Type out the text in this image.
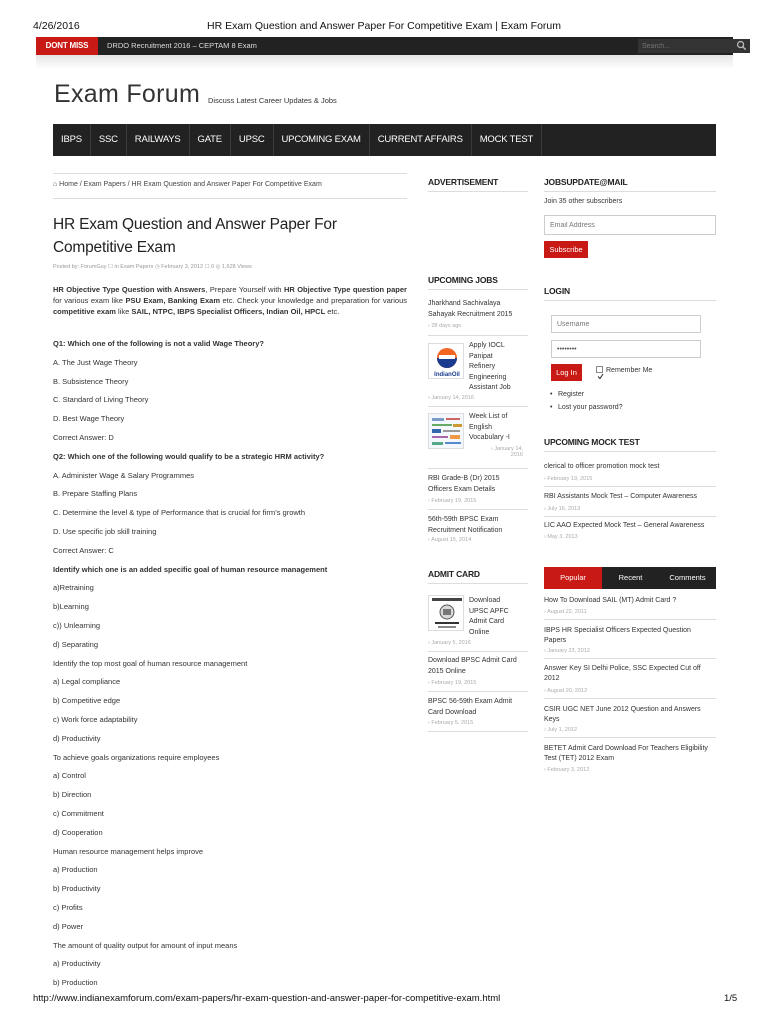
4/26/2016	HR Exam Question and Answer Paper For Competitive Exam | Exam Forum
DONT MISS	DRDO Recruitment 2016 – CEPTAM 8 Exam
Search...
Exam Forum Discuss Latest Career Updates & Jobs
IBPS	SSC	RAILWAYS	GATE	UPSC	UPCOMING EXAM	CURRENT AFFAIRS	MOCK TEST
⌂ Home / Exam Papers / HR Exam Question and Answer Paper For Competitive Exam
HR Exam Question and Answer Paper For Competitive Exam
Posted by: ForumGuy ☐ in Exam Papers ◷ February 3, 2012 ☐ 0 ◎ 1,628 Views
HR Objective Type Question with Answers, Prepare Yourself with HR Objective Type question paper for various exam like PSU Exam, Banking Exam etc. Check your knowledge and preparation for various competitive exam like SAIL, NTPC, IBPS Specialist Officers, Indian Oil, HPCL etc.
Q1: Which one of the following is not a valid Wage Theory?
A. The Just Wage Theory
B. Subsistence Theory
C. Standard of Living Theory
D. Best Wage Theory
Correct Answer: D
Q2: Which one of the following would qualify to be a strategic HRM activity?
A. Administer Wage & Salary Programmes
B. Prepare Staffing Plans
C. Determine the level & type of Performance that is crucial for firm’s growth
D. Use specific job skill training
Correct Answer: C
Identify which one is an added specific goal of human resource management
a)Retraining
b)Learning
c)) Unlearning
d) Separating
Identify the top most goal of human resource management
a) Legal compliance
b) Competitive edge
c) Work force adaptability
d) Productivity
To achieve goals organizations require employees
a) Control
b) Direction
c) Commitment
d) Cooperation
Human resource management helps improve
a) Production
b) Productivity
c) Profits
d) Power
The amount of quality output for amount of input means
a) Productivity
b) Production
ADVERTISEMENT
UPCOMING JOBS
Jharkhand Sachivalaya Sahayak Recruitment 2015
› 28 days ago
IndianOil
Apply IOCL Panipat Refinery Engineering Assistant Job
› January 14, 2016
Week List of English Vocabulary -I
› January 14, 2016
RBI Grade-B (Dr) 2015 Officers Exam Details
› February 19, 2015
56th-59th BPSC Exam Recruitment Notification
› August 15, 2014
ADMIT CARD
Download UPSC APFC Admit Card Online
› January 5, 2016
Download BPSC Admit Card 2015 Online
› February 19, 2015
BPSC 56-59th Exam Admit Card Download
› February 5, 2015
JOBSUPDATE@MAIL
Join 35 other subscribers
Email Address
Subscribe
LOGIN
Username
••••••••
Log In	Remember Me
• Register
• Lost your password?
UPCOMING MOCK TEST
clerical to officer promotion mock test
› February 19, 2015
RBI Assistants Mock Test – Computer Awareness
› July 16, 2013
LIC AAO Expected Mock Test – General Awareness
› May 3, 2013
Popular	Recent	Comments
How To Download SAIL (MT) Admit Card ?
› August 22, 2011
IBPS HR Specialist Officers Expected Question Papers
› January 23, 2012
Answer Key SI Delhi Police, SSC Expected Cut off 2012
› August 20, 2012
CSIR UGC NET June 2012 Question and Answers Keys
› July 1, 2012
BETET Admit Card Download For Teachers Eligibility Test (TET) 2012 Exam
› February 3, 2012
http://www.indianexamforum.com/exam-papers/hr-exam-question-and-answer-paper-for-competitive-exam.html	1/5
